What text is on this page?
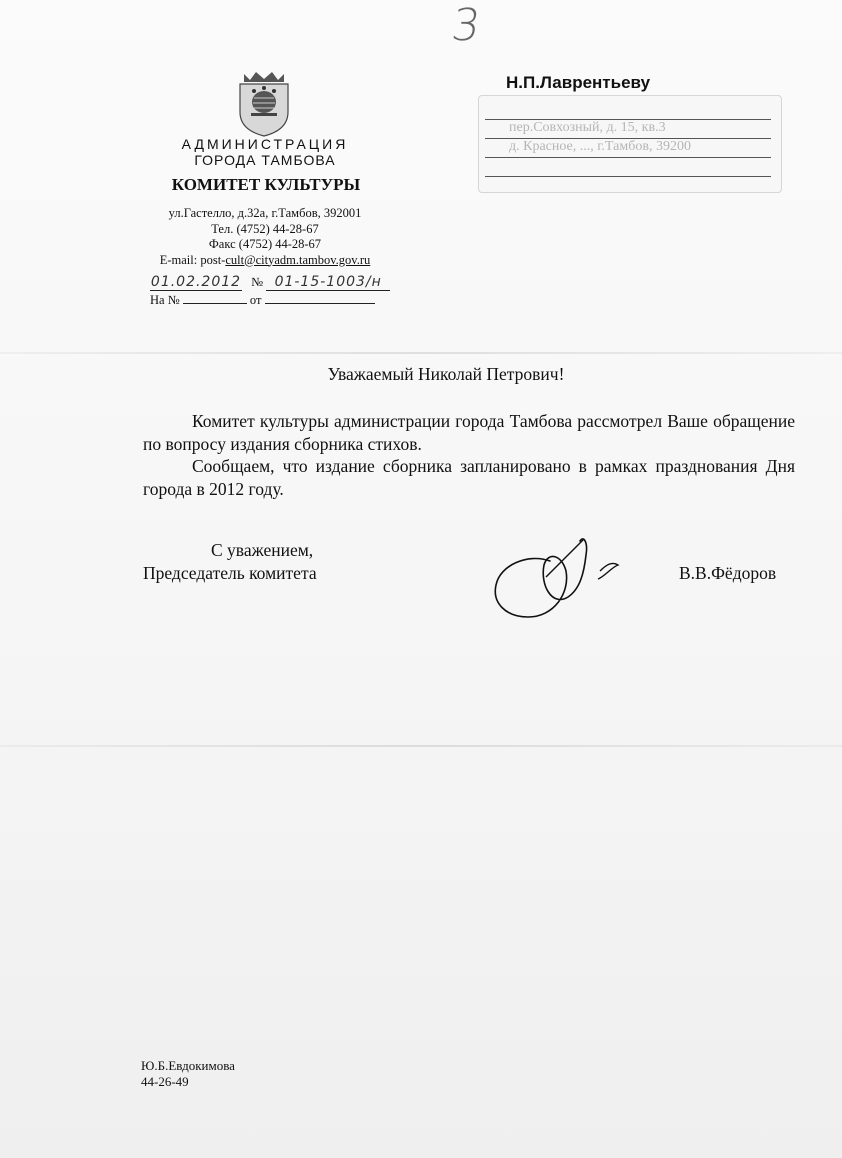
3
АДМИНИСТРАЦИЯ
ГОРОДА ТАМБОВА
КОМИТЕТ КУЛЬТУРЫ
ул.Гастелло, д.32а, г.Тамбов, 392001
Тел. (4752) 44-28-67
Факс (4752) 44-28-67
E-mail: post-cult@cityadm.tambov.gov.ru
01.02.2012 № 01-15-1003/н
На №	от
Н.П.Лаврентьеву
пер.Совхозный, д. 15, кв.3
д. Красное, ..., г.Тамбов, 39200
Уважаемый Николай Петрович!

Комитет культуры администрации города Тамбова рассмотрел Ваше обращение по вопросу издания сборника стихов.

Сообщаем, что издание сборника запланировано в рамках празднования Дня города в 2012 году.

С уважением,
Председатель комитета	В.В.Фёдоров
Ю.Б.Евдокимова
44-26-49
